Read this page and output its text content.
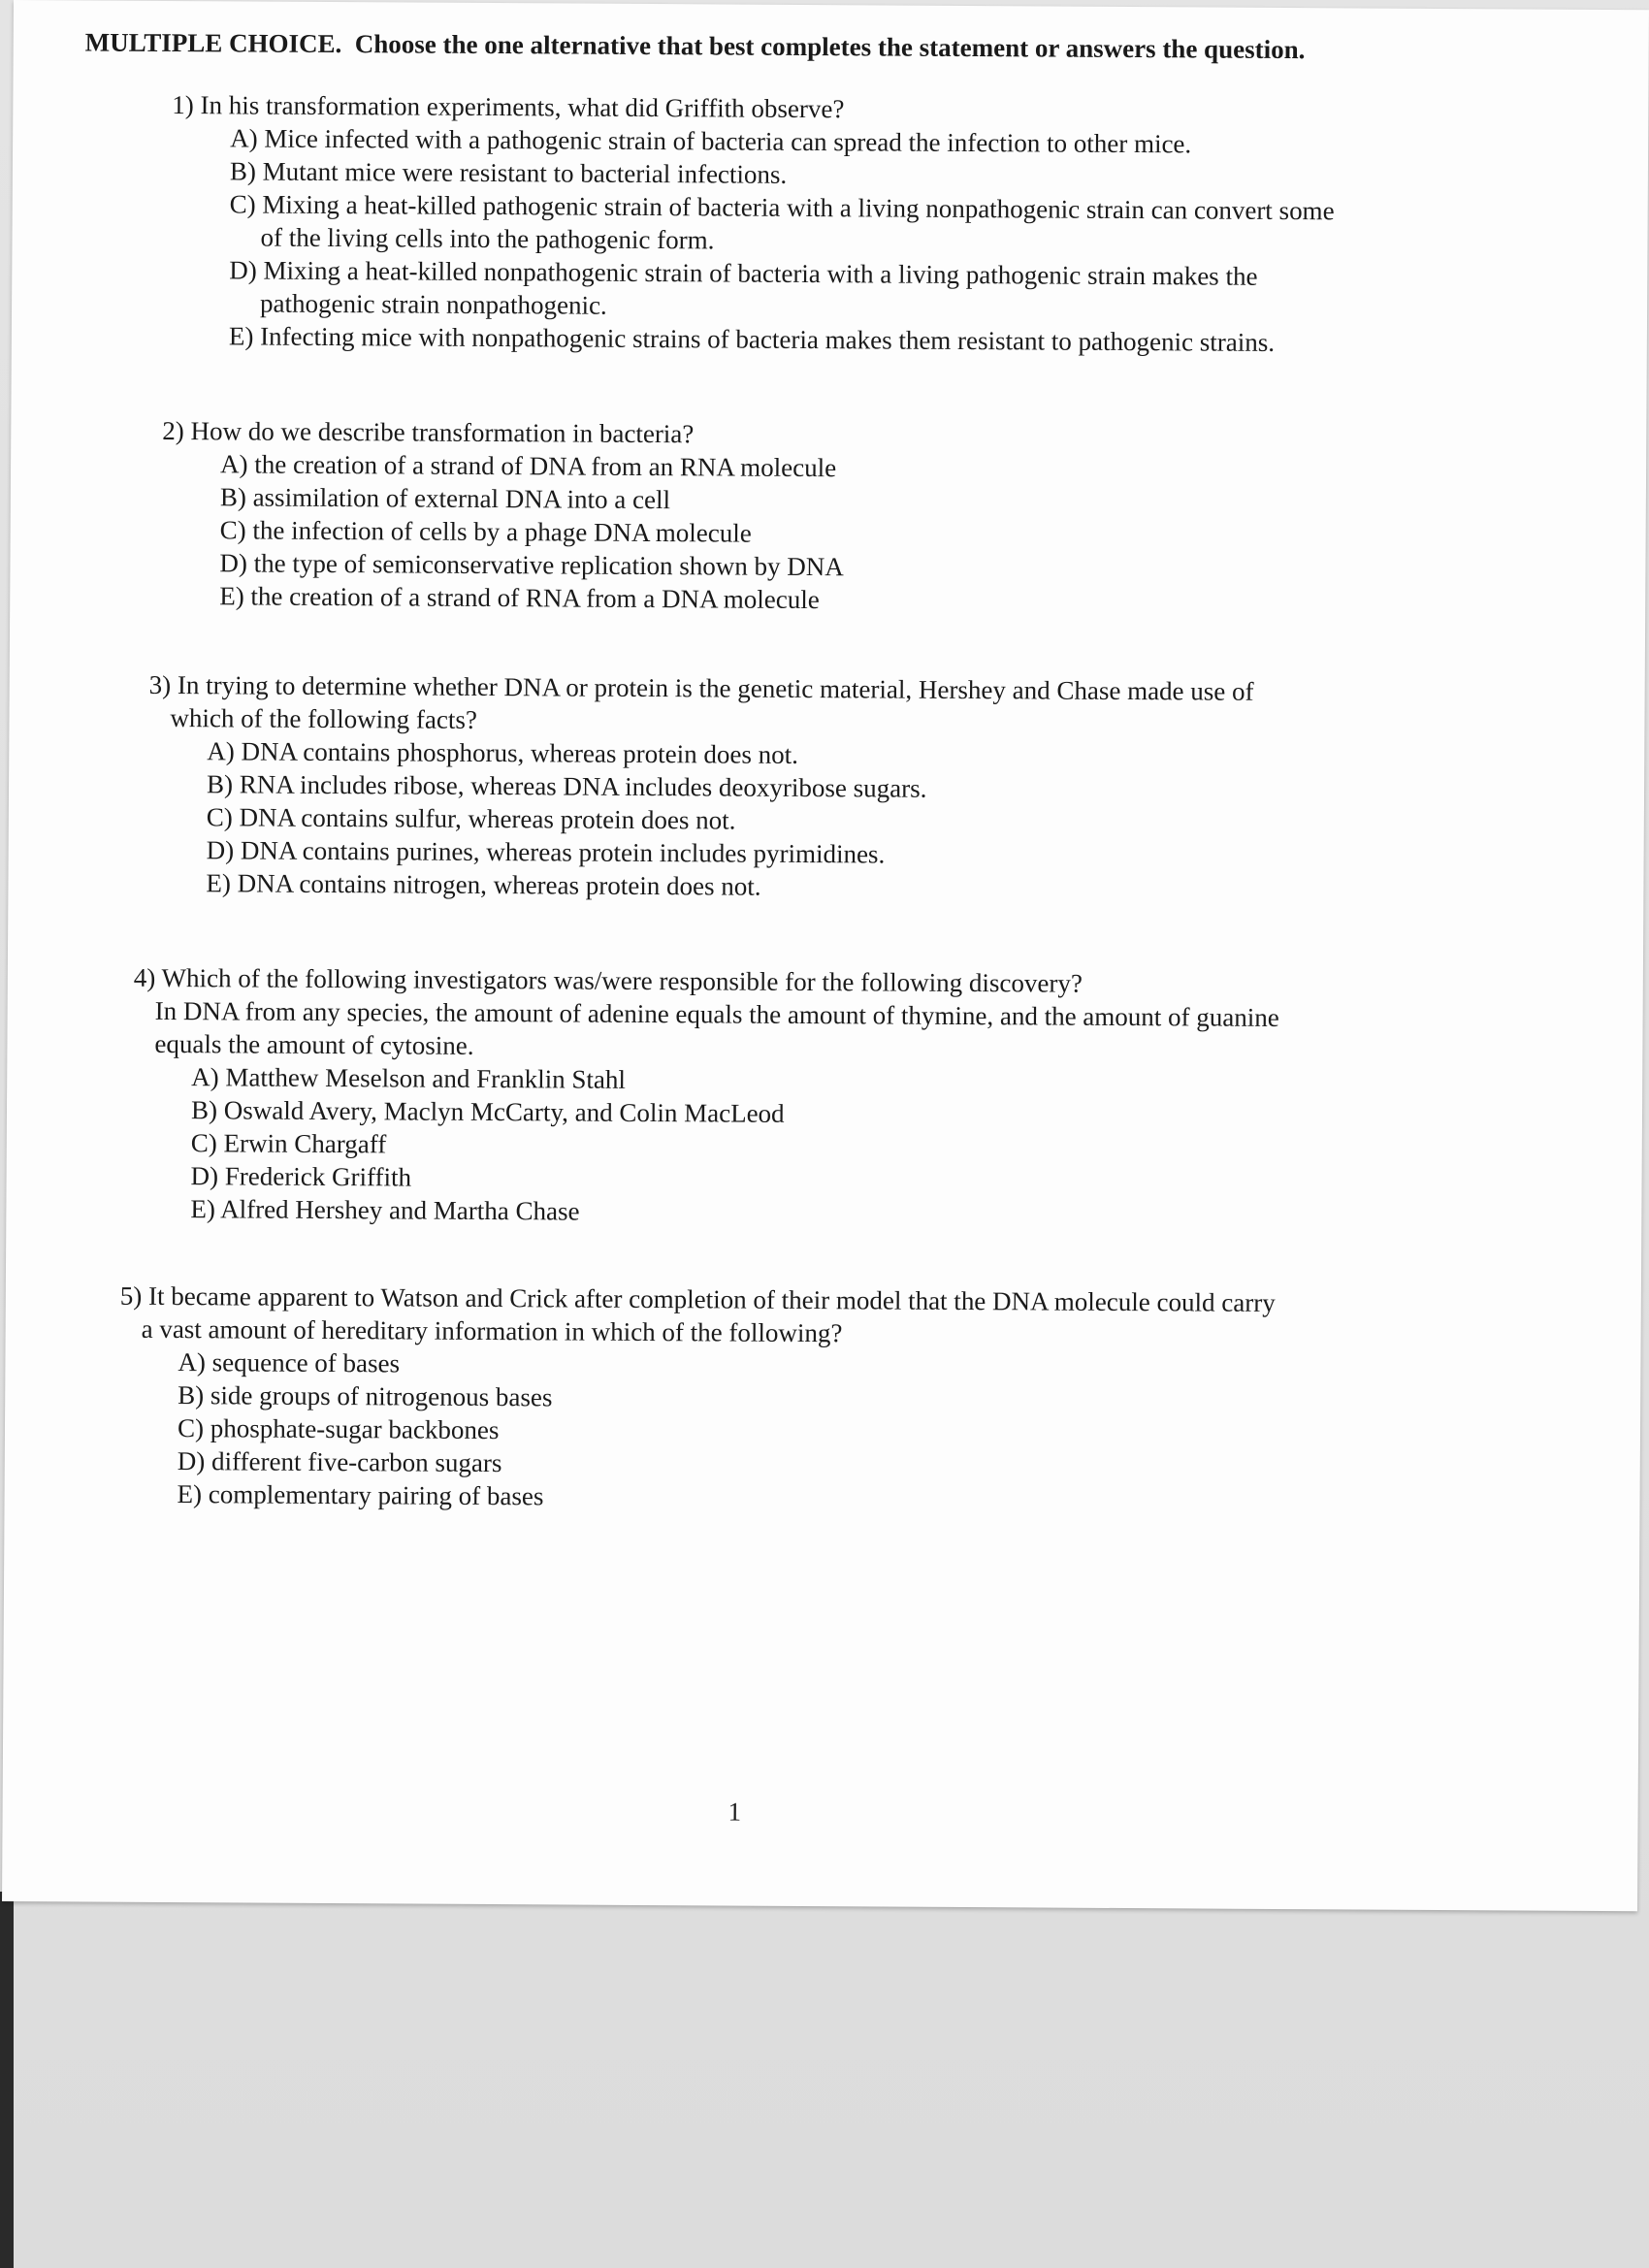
MULTIPLE CHOICE. Choose the one alternative that best completes the statement or answers the question.
1) In his transformation experiments, what did Griffith observe?
A) Mice infected with a pathogenic strain of bacteria can spread the infection to other mice.
B) Mutant mice were resistant to bacterial infections.
C) Mixing a heat-killed pathogenic strain of bacteria with a living nonpathogenic strain can convert some
of the living cells into the pathogenic form.
D) Mixing a heat-killed nonpathogenic strain of bacteria with a living pathogenic strain makes the
pathogenic strain nonpathogenic.
E) Infecting mice with nonpathogenic strains of bacteria makes them resistant to pathogenic strains.
2) How do we describe transformation in bacteria?
A) the creation of a strand of DNA from an RNA molecule
B) assimilation of external DNA into a cell
C) the infection of cells by a phage DNA molecule
D) the type of semiconservative replication shown by DNA
E) the creation of a strand of RNA from a DNA molecule
3) In trying to determine whether DNA or protein is the genetic material, Hershey and Chase made use of
which of the following facts?
A) DNA contains phosphorus, whereas protein does not.
B) RNA includes ribose, whereas DNA includes deoxyribose sugars.
C) DNA contains sulfur, whereas protein does not.
D) DNA contains purines, whereas protein includes pyrimidines.
E) DNA contains nitrogen, whereas protein does not.
4) Which of the following investigators was/were responsible for the following discovery?
In DNA from any species, the amount of adenine equals the amount of thymine, and the amount of guanine
equals the amount of cytosine.
A) Matthew Meselson and Franklin Stahl
B) Oswald Avery, Maclyn McCarty, and Colin MacLeod
C) Erwin Chargaff
D) Frederick Griffith
E) Alfred Hershey and Martha Chase
5) It became apparent to Watson and Crick after completion of their model that the DNA molecule could carry
a vast amount of hereditary information in which of the following?
A) sequence of bases
B) side groups of nitrogenous bases
C) phosphate-sugar backbones
D) different five-carbon sugars
E) complementary pairing of bases
1
